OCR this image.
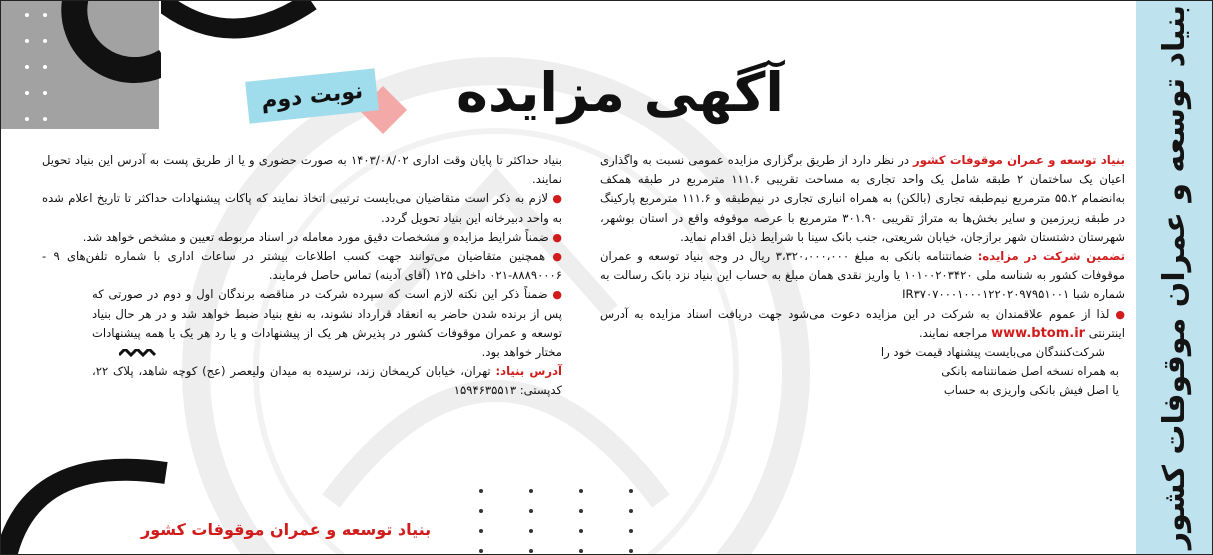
بنیاد توسعه و عمران موقوفات کشور
آگهی مزایده
نوبت دوم

بنیاد توسعه و عمران موقوفات کشور در نظر دارد از طریق برگزاری مزایده عمومی نسبت به واگذاری اعیان یک ساختمان ۲ طبقه شامل یک واحد تجاری به مساحت تقریبی ۱۱۱.۶ مترمربع در طبقه همکف به‌انضمام ۵۵.۲ مترمربع نیم‌طبقه تجاری (بالکن) به همراه انباری تجاری در نیم‌طبقه و ۱۱۱.۶ مترمربع پارکینگ در طبقه زیرزمین و سایر بخش‌ها به متراژ تقریبی ۳۰۱.۹۰ مترمربع با عرصه موقوفه واقع در استان بوشهر، شهرستان دشتستان شهر برازجان، خیابان شریعتی، جنب بانک سینا با شرایط ذیل اقدام نماید.

تضمین شرکت در مزایده: ضمانتنامه بانکی به مبلغ ۳،۳۲۰،۰۰۰،۰۰۰ ریال در وجه بنیاد توسعه و عمران موقوفات کشور به شناسه ملی ۱۰۱۰۰۲۰۳۴۲۰ یا واریز نقدی همان مبلغ به حساب این بنیاد نزد بانک رسالت به شماره شبا IR۳۷۰۷۰۰۰۱۰۰۰۱۲۲۰۲۰۹۷۹۵۱۰۰۱

● لذا از عموم علاقمندان به شرکت در این مزایده دعوت می‌شود جهت دریافت اسناد مزایده به آدرس اینترنتی www.btom.ir مراجعه نمایند.

شرکت‌کنندگان می‌بایست پیشنهاد قیمت خود را

به همراه نسخه اصل ضمانتنامه بانکی
یا اصل فیش بانکی واریزی به حساب

بنیاد حداکثر تا پایان وقت اداری ۱۴۰۳/۰۸/۰۲ به صورت حضوری و یا از طریق پست به آدرس این بنیاد تحویل نمایند.

● لازم به ذکر است متقاضیان می‌بایست ترتیبی اتخاذ نمایند که پاکات پیشنهادات حداکثر تا تاریخ اعلام شده به واحد دبیرخانه این بنیاد تحویل گردد.

● ضمناً شرایط مزایده و مشخصات دقیق مورد معامله در اسناد مربوطه تعیین و مشخص خواهد شد.

● همچنین متقاضیان می‌توانند جهت کسب اطلاعات بیشتر در ساعات اداری با شماره تلفن‌های ۹ - ۸۸۸۹۰۰۰۶-۰۲۱ داخلی ۱۲۵ (آقای آدینه) تماس حاصل فرمایند.

● ضمناً ذکر این نکته لازم است که سپرده شرکت در مناقصه برندگان اول و دوم در صورتی که پس از برنده شدن حاضر به انعقاد قرارداد نشوند، به نفع بنیاد ضبط خواهد شد و در هر حال بنیاد توسعه و عمران موقوفات کشور در پذیرش هر یک از پیشنهادات و یا رد هر یک یا همه پیشنهادات مختار خواهد بود.

آدرس بنیاد: تهران، خیابان کریمخان زند، نرسیده به میدان ولیعصر (عج) کوچه شاهد، پلاک ۲۲، کدپستی: ۱۵۹۴۶۳۵۵۱۳

بنیاد توسعه و عمران موقوفات کشور
